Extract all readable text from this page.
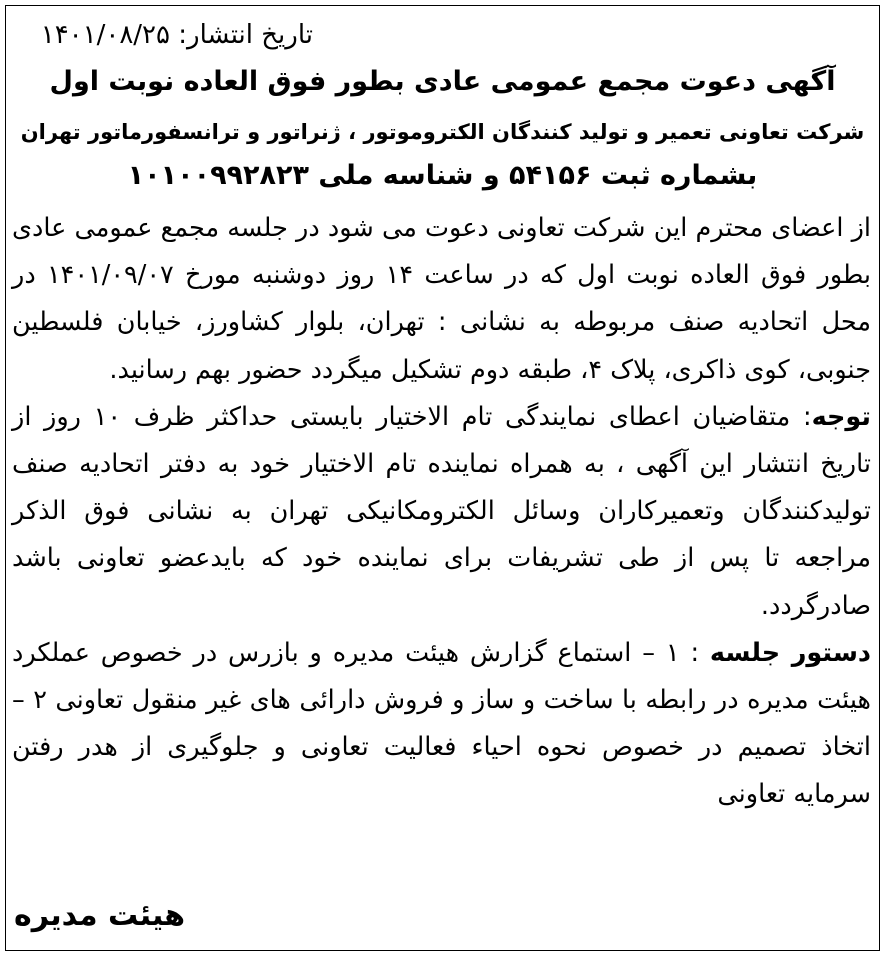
تاریخ انتشار: ۱۴۰۱/۰۸/۲۵
آگهی دعوت مجمع عمومی عادی بطور فوق العاده نوبت اول
شرکت تعاونی تعمیر و تولید کنندگان الکتروموتور ، ژنراتور و ترانسفورماتور تهران
بشماره ثبت ۵۴۱۵۶ و شناسه ملی ۱۰۱۰۰۹۹۲۸۲۳

از اعضای محترم این شرکت تعاونی دعوت می شود در جلسه مجمع عمومی عادی بطور فوق العاده نوبت اول که در ساعت ۱۴ روز دوشنبه مورخ ۱۴۰۱/۰۹/۰۷ در محل اتحادیه صنف مربوطه به نشانی : تهران، بلوار کشاورز، خیابان فلسطین جنوبی، کوی ذاکری، پلاک ۴، طبقه دوم تشکیل میگردد حضور بهم رسانید.

توجه: متقاضیان اعطای نمایندگی تام الاختیار بایستی حداکثر ظرف ۱۰ روز از تاریخ انتشار این آگهی ، به همراه نماینده تام الاختیار خود به دفتر اتحادیه صنف تولیدکنندگان وتعمیرکاران وسائل الکترومکانیکی تهران به نشانی فوق الذکر مراجعه تا پس از طی تشریفات برای نماینده خود که بایدعضو تعاونی باشد صادرگردد.

دستور جلسه : ۱ – استماع گزارش هیئت مدیره و بازرس در خصوص عملکرد هیئت مدیره در رابطه با ساخت و ساز و فروش دارائی های غیر منقول تعاونی ۲ – اتخاذ تصمیم در خصوص نحوه احیاء فعالیت تعاونی و جلوگیری از هدر رفتن سرمایه تعاونی

هیئت مدیره
